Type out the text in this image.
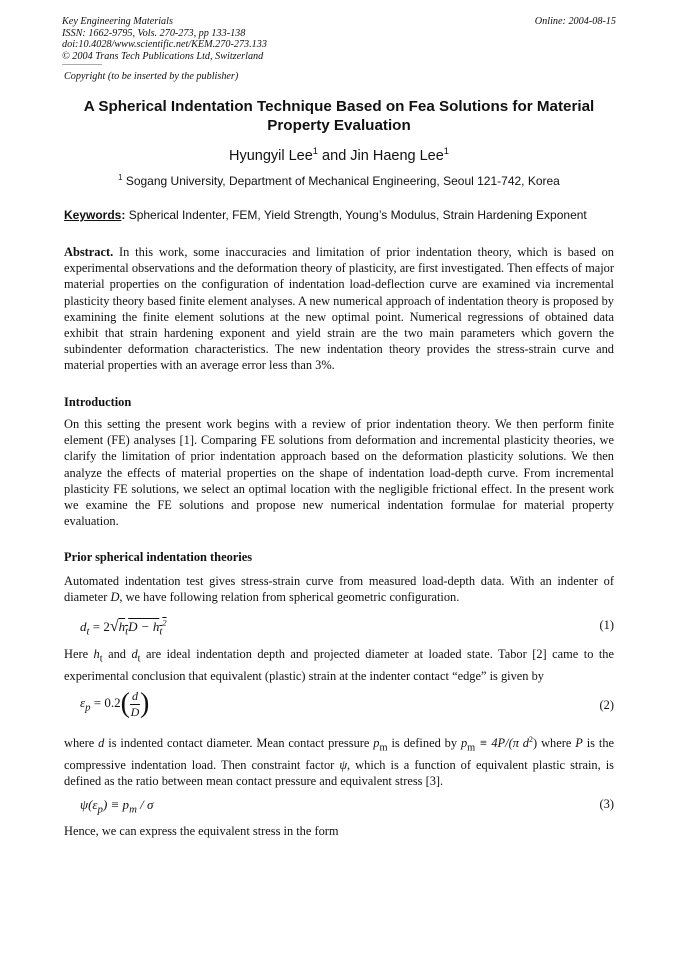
Key Engineering Materials
ISSN: 1662-9795, Vols. 270-273, pp 133-138
doi:10.4028/www.scientific.net/KEM.270-273.133
© 2004 Trans Tech Publications Ltd, Switzerland
Online: 2004-08-15
Copyright (to be inserted by the publisher)
A Spherical Indentation Technique Based on Fea Solutions for Material
Property Evaluation
Hyungyil Lee$^1$ and Jin Haeng Lee$^1$
$^1$ Sogang University, Department of Mechanical Engineering, Seoul 121-742, Korea
Keywords: Spherical Indenter, FEM, Yield Strength, Young’s Modulus, Strain Hardening Exponent
Abstract. In this work, some inaccuracies and limitation of prior indentation theory, which is based on experimental observations and the deformation theory of plasticity, are first investigated. Then effects of major material properties on the configuration of indentation load-deflection curve are examined via incremental plasticity theory based finite element analyses. A new numerical approach of indentation theory is proposed by examining the finite element solutions at the new optimal point. Numerical regressions of obtained data exhibit that strain hardening exponent and yield strain are the two main parameters which govern the subindenter deformation characteristics. The new indentation theory provides the stress-strain curve and material properties with an average error less than 3%.
Introduction
On this setting the present work begins with a review of prior indentation theory. We then perform finite element (FE) analyses [1]. Comparing FE solutions from deformation and incremental plasticity theories, we clarify the limitation of prior indentation approach based on the deformation plasticity solutions. We then analyze the effects of material properties on the shape of indentation load-depth curve. From incremental plasticity FE solutions, we select an optimal location with the negligible frictional effect. In the present work we examine the FE solutions and propose new numerical indentation formulae for material property evaluation.
Prior spherical indentation theories
Automated indentation test gives stress-strain curve from measured load-depth data. With an indenter of diameter D, we have following relation from spherical geometric configuration.
$d_t = 2√h_tD - h_t^2$	(1)
Here $h_t$ and $d_t$ are ideal indentation depth and projected diameter at loaded state. Tabor [2] came to the experimental conclusion that equivalent (plastic) strain at the indenter contact “edge” is given by
$\varepsilon_p = 0.2( \frac{d}{D}$ )	(2)
where d is indented contact diameter. Mean contact pressure $p_m$ is defined by $p_m \equiv 4P/(\pi$ $d^2$) where P is the compressive indentation load. Then constraint factor ψ, which is a function of equivalent plastic strain, is defined as the ratio between mean contact pressure and equivalent stress [3].
$\psi(\varepsilon_p) \equiv p_m / \sigma$	(3)
Hence, we can express the equivalent stress in the form
